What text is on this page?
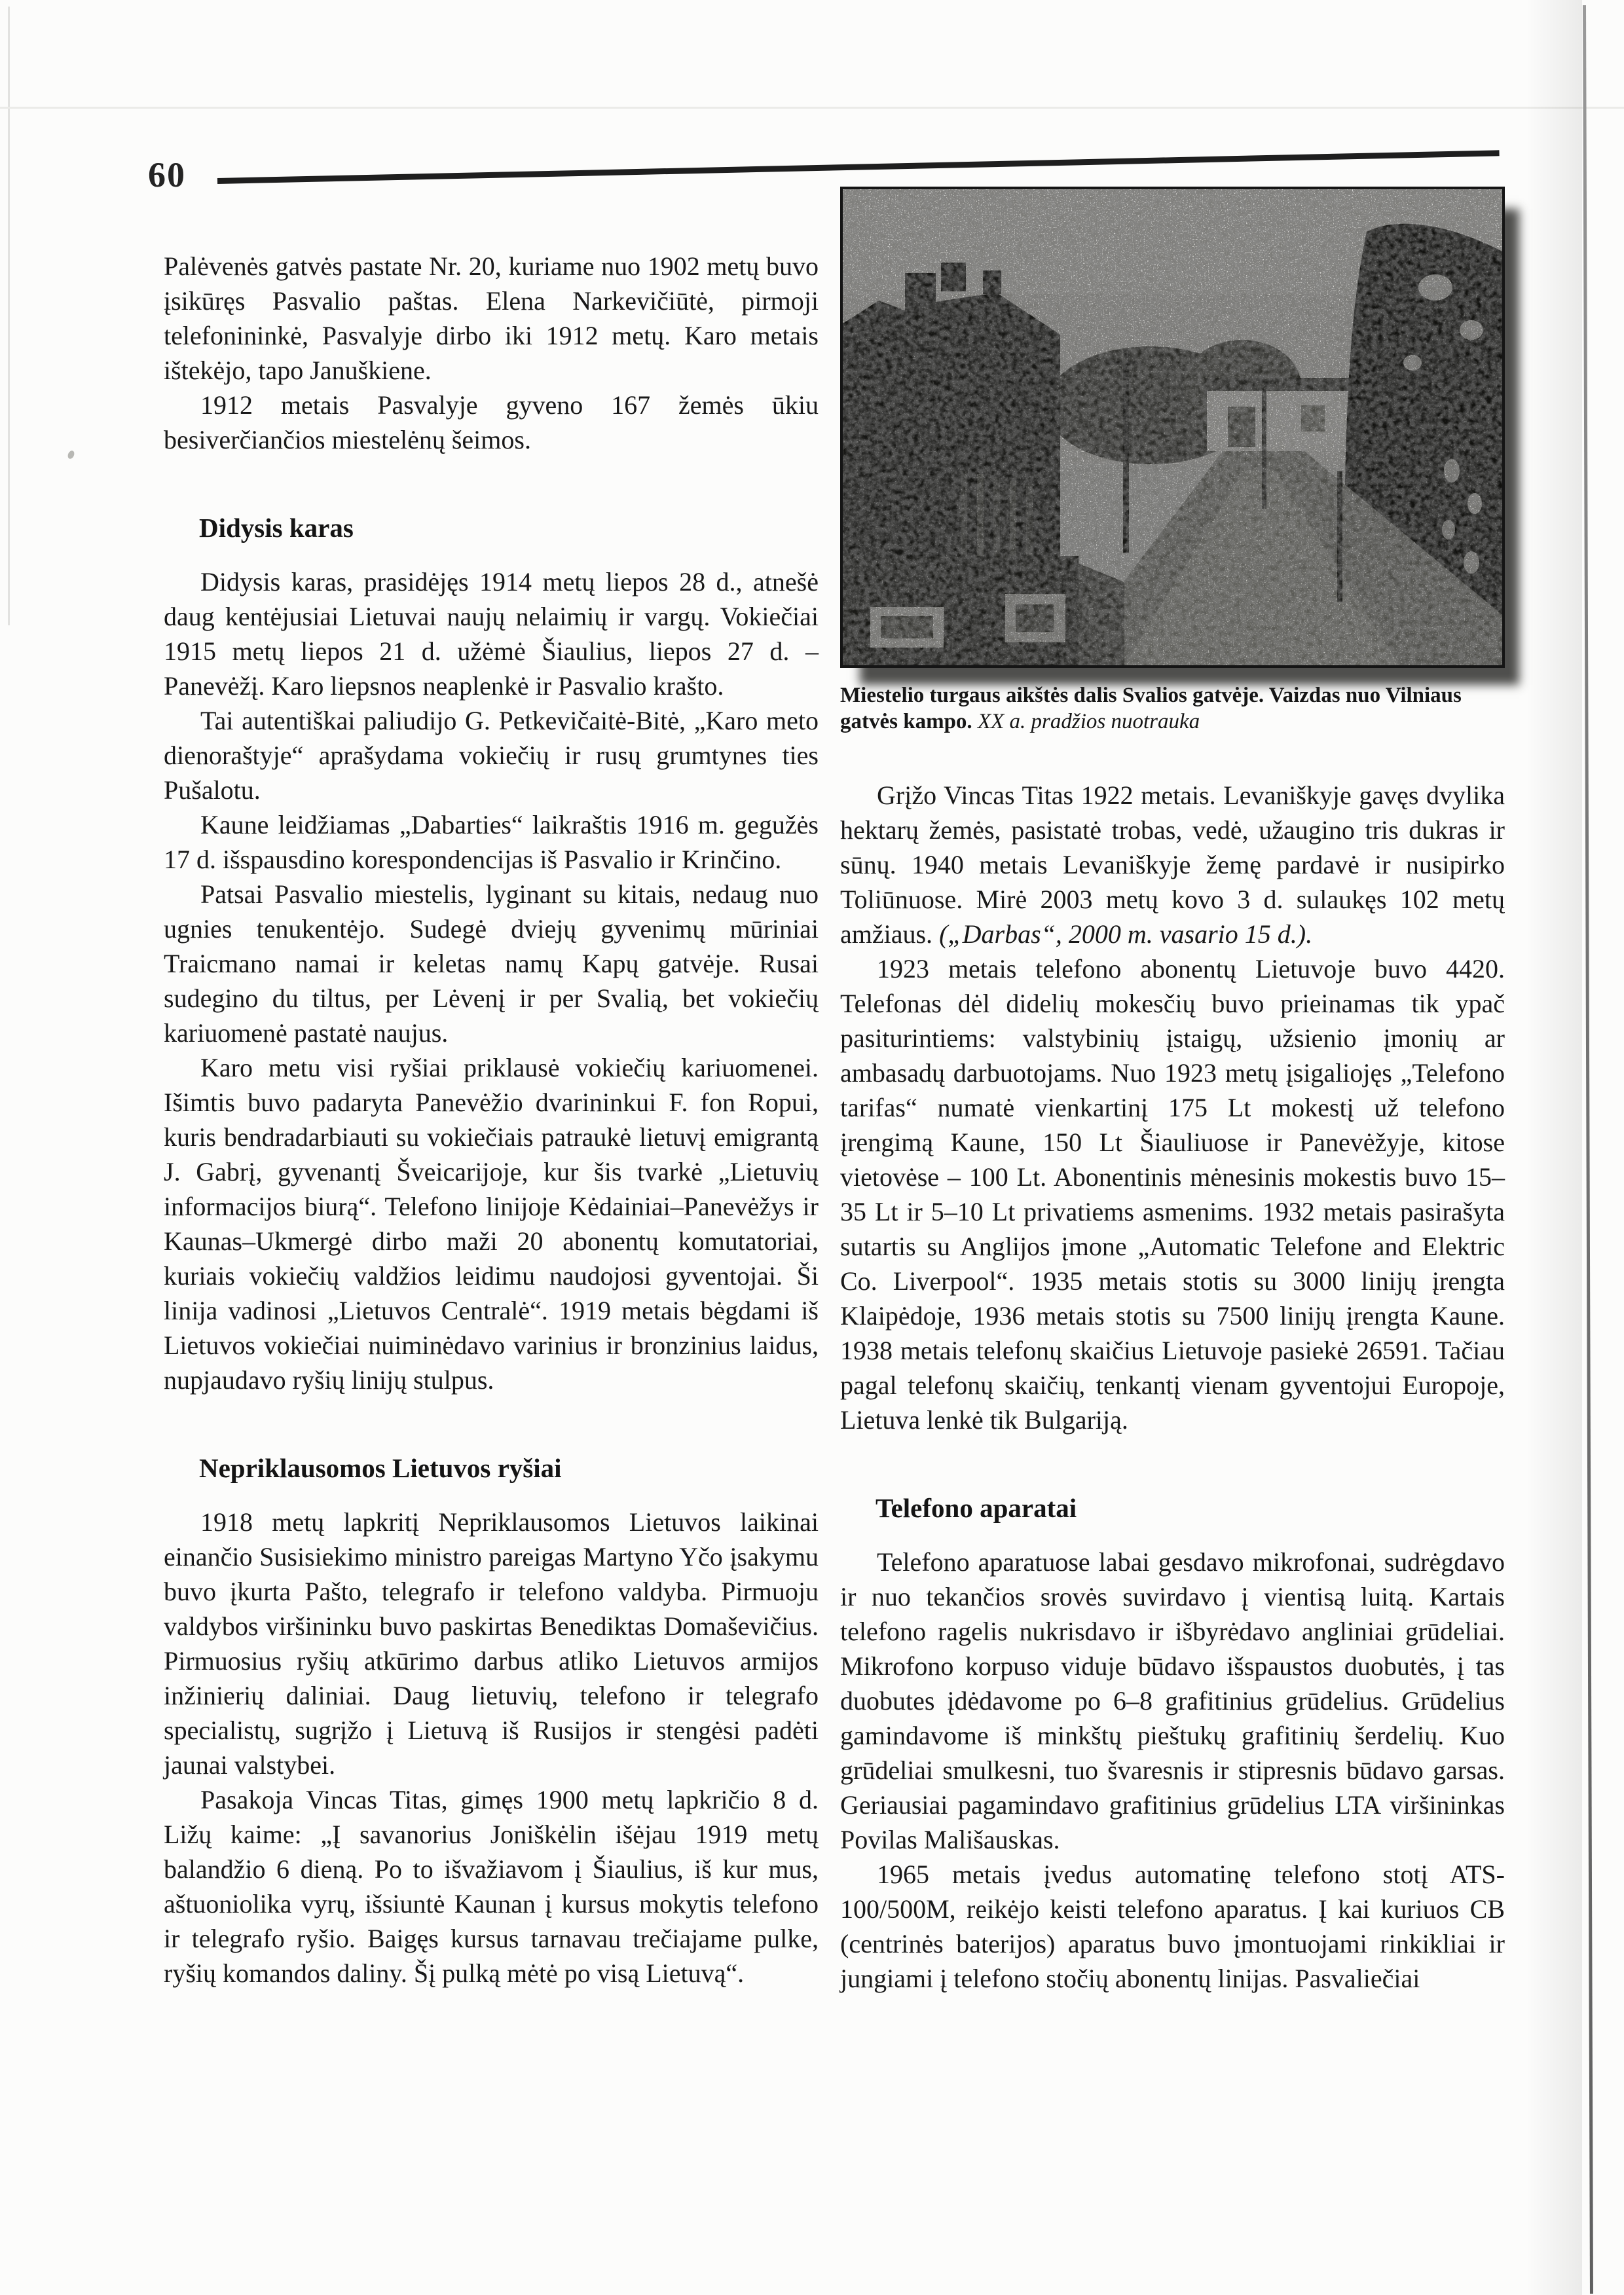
60

Palėvenės gatvės pastate Nr. 20, kuriame nuo 1902 metų buvo įsikūręs Pasvalio paštas. Elena Narkevičiūtė, pirmoji telefonininkė, Pasvalyje dirbo iki 1912 metų. Karo metais ištekėjo, tapo Januškiene.

1912 metais Pasvalyje gyveno 167 žemės ūkiu besiverčiančios miestelėnų šeimos.

Didysis karas

Didysis karas, prasidėjęs 1914 metų liepos 28 d., atnešė daug kentėjusiai Lietuvai naujų nelaimių ir vargų. Vokiečiai 1915 metų liepos 21 d. užėmė Šiaulius, liepos 27 d. – Panevėžį. Karo liepsnos neaplenkė ir Pasvalio krašto.

Tai autentiškai paliudijo G. Petkevičaitė-Bitė, „Karo meto dienoraštyje“ aprašydama vokiečių ir rusų grumtynes ties Pušalotu.

Kaune leidžiamas „Dabarties“ laikraštis 1916 m. gegužės 17 d. išspausdino korespondencijas iš Pasvalio ir Krinčino.

Patsai Pasvalio miestelis, lyginant su kitais, nedaug nuo ugnies tenukentėjo. Sudegė dviejų gyvenimų mūriniai Traicmano namai ir keletas namų Kapų gatvėje. Rusai sudegino du tiltus, per Lėvenį ir per Svalią, bet vokiečių kariuomenė pastatė naujus.

Karo metu visi ryšiai priklausė vokiečių kariuomenei. Išimtis buvo padaryta Panevėžio dvarininkui F. fon Ropui, kuris bendradarbiauti su vokiečiais patraukė lietuvį emigrantą J. Gabrį, gyvenantį Šveicarijoje, kur šis tvarkė „Lietuvių informacijos biurą“. Telefono linijoje Kėdainiai–Panevėžys ir Kaunas–Ukmergė dirbo maži 20 abonentų komutatoriai, kuriais vokiečių valdžios leidimu naudojosi gyventojai. Ši linija vadinosi „Lietuvos Centralė“. 1919 metais bėgdami iš Lietuvos vokiečiai nuiminėdavo varinius ir bronzinius laidus, nupjaudavo ryšių linijų stulpus.

Nepriklausomos Lietuvos ryšiai

1918 metų lapkritį Nepriklausomos Lietuvos laikinai einančio Susisiekimo ministro pareigas Martyno Yčo įsakymu buvo įkurta Pašto, telegrafo ir telefono valdyba. Pirmuoju valdybos viršininku buvo paskirtas Benediktas Domaševičius. Pirmuosius ryšių atkūrimo darbus atliko Lietuvos armijos inžinierių daliniai. Daug lietuvių, telefono ir telegrafo specialistų, sugrįžo į Lietuvą iš Rusijos ir stengėsi padėti jaunai valstybei.

Pasakoja Vincas Titas, gimęs 1900 metų lapkričio 8 d. Ližų kaime: „Į savanorius Joniškėlin išėjau 1919 metų balandžio 6 dieną. Po to išvažiavom į Šiaulius, iš kur mus, aštuoniolika vyrų, išsiuntė Kaunan į kursus mokytis telefono ir telegrafo ryšio. Baigęs kursus tarnavau trečiajame pulke, ryšių komandos daliny. Šį pulką mėtė po visą Lietuvą“.

Miestelio turgaus aikštės dalis Svalios gatvėje. Vaizdas nuo Vilniaus gatvės kampo. XX a. pradžios nuotrauka

Grįžo Vincas Titas 1922 metais. Levaniškyje gavęs dvylika hektarų žemės, pasistatė trobas, vedė, užaugino tris dukras ir sūnų. 1940 metais Levaniškyje žemę pardavė ir nusipirko Toliūnuose. Mirė 2003 metų kovo 3 d. sulaukęs 102 metų amžiaus. („Darbas“, 2000 m. vasario 15 d.).

1923 metais telefono abonentų Lietuvoje buvo 4420. Telefonas dėl didelių mokesčių buvo prieinamas tik ypač pasiturintiems: valstybinių įstaigų, užsienio įmonių ar ambasadų darbuotojams. Nuo 1923 metų įsigaliojęs „Telefono tarifas“ numatė vienkartinį 175 Lt mokestį už telefono įrengimą Kaune, 150 Lt Šiauliuose ir Panevėžyje, kitose vietovėse – 100 Lt. Abonentinis mėnesinis mokestis buvo 15–35 Lt ir 5–10 Lt privatiems asmenims. 1932 metais pasirašyta sutartis su Anglijos įmone „Automatic Telefone and Elektric Co. Liverpool“. 1935 metais stotis su 3000 linijų įrengta Klaipėdoje, 1936 metais stotis su 7500 linijų įrengta Kaune. 1938 metais telefonų skaičius Lietuvoje pasiekė 26591. Tačiau pagal telefonų skaičių, tenkantį vienam gyventojui Europoje, Lietuva lenkė tik Bulgariją.

Telefono aparatai

Telefono aparatuose labai gesdavo mikrofonai, sudrėgdavo ir nuo tekančios srovės suvirdavo į vientisą luitą. Kartais telefono ragelis nukrisdavo ir išbyrėdavo angliniai grūdeliai. Mikrofono korpuso viduje būdavo išspaustos duobutės, į tas duobutes įdėdavome po 6–8 grafitinius grūdelius. Grūdelius gamindavome iš minkštų pieštukų grafitinių šerdelių. Kuo grūdeliai smulkesni, tuo švaresnis ir stipresnis būdavo garsas. Geriausiai pagamindavo grafitinius grūdelius LTA viršininkas Povilas Mališauskas.

1965 metais įvedus automatinę telefono stotį ATS-100/500M, reikėjo keisti telefono aparatus. Į kai kuriuos CB (centrinės baterijos) aparatus buvo įmontuojami rinkikliai ir jungiami į telefono stočių abonentų linijas. Pasvaliečiai
